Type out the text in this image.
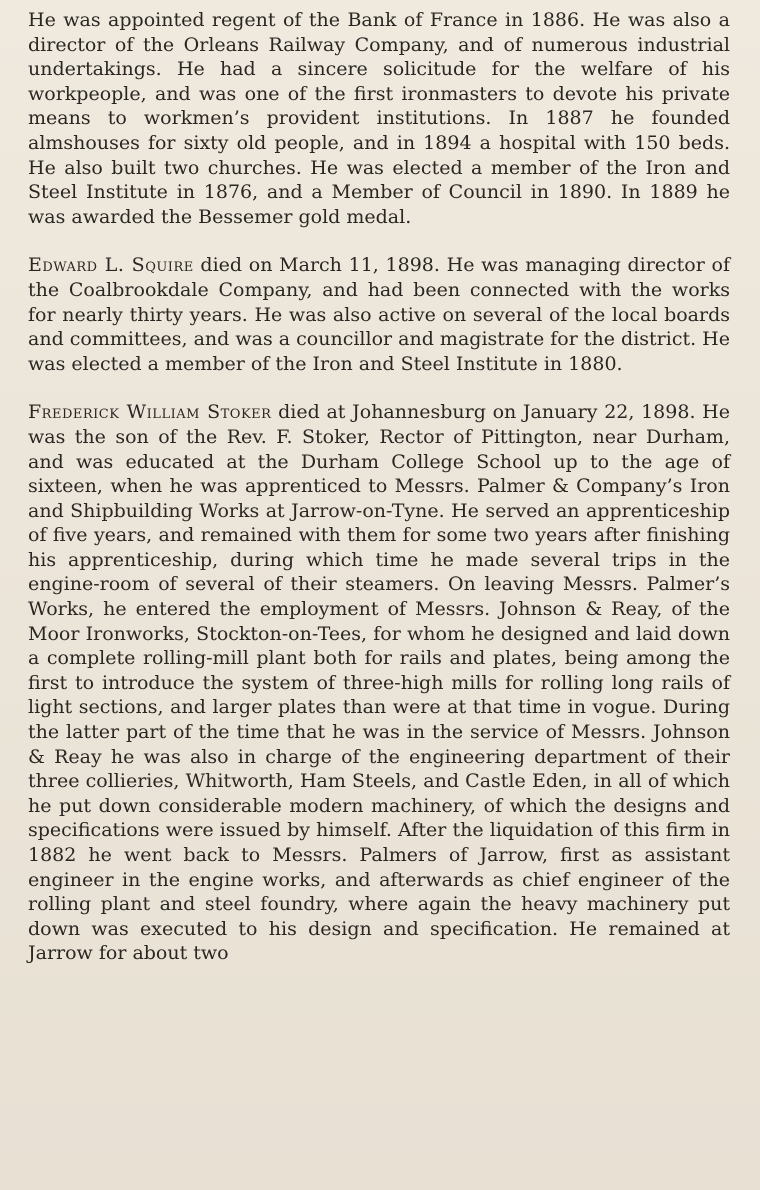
He was appointed regent of the Bank of France in 1886. He was also a director of the Orleans Railway Company, and of numerous industrial undertakings. He had a sincere solicitude for the welfare of his workpeople, and was one of the first ironmasters to devote his private means to workmen’s provident institutions. In 1887 he founded almshouses for sixty old people, and in 1894 a hospital with 150 beds. He also built two churches. He was elected a member of the Iron and Steel Institute in 1876, and a Member of Council in 1890. In 1889 he was awarded the Bessemer gold medal.

Edward L. Squire died on March 11, 1898. He was managing director of the Coalbrookdale Company, and had been connected with the works for nearly thirty years. He was also active on several of the local boards and committees, and was a councillor and magistrate for the district. He was elected a member of the Iron and Steel Institute in 1880.

Frederick William Stoker died at Johannesburg on January 22, 1898. He was the son of the Rev. F. Stoker, Rector of Pittington, near Durham, and was educated at the Durham College School up to the age of sixteen, when he was apprenticed to Messrs. Palmer & Company’s Iron and Shipbuilding Works at Jarrow-on-Tyne. He served an apprenticeship of five years, and remained with them for some two years after finishing his apprenticeship, during which time he made several trips in the engine-room of several of their steamers. On leaving Messrs. Palmer’s Works, he entered the employment of Messrs. Johnson & Reay, of the Moor Ironworks, Stockton-on-Tees, for whom he designed and laid down a complete rolling-mill plant both for rails and plates, being among the first to introduce the system of three-high mills for rolling long rails of light sections, and larger plates than were at that time in vogue. During the latter part of the time that he was in the service of Messrs. Johnson & Reay he was also in charge of the engineering department of their three collieries, Whitworth, Ham Steels, and Castle Eden, in all of which he put down considerable modern machinery, of which the designs and specifications were issued by himself. After the liquidation of this firm in 1882 he went back to Messrs. Palmers of Jarrow, first as assistant engineer in the engine works, and afterwards as chief engineer of the rolling plant and steel foundry, where again the heavy machinery put down was executed to his design and specification. He remained at Jarrow for about two
